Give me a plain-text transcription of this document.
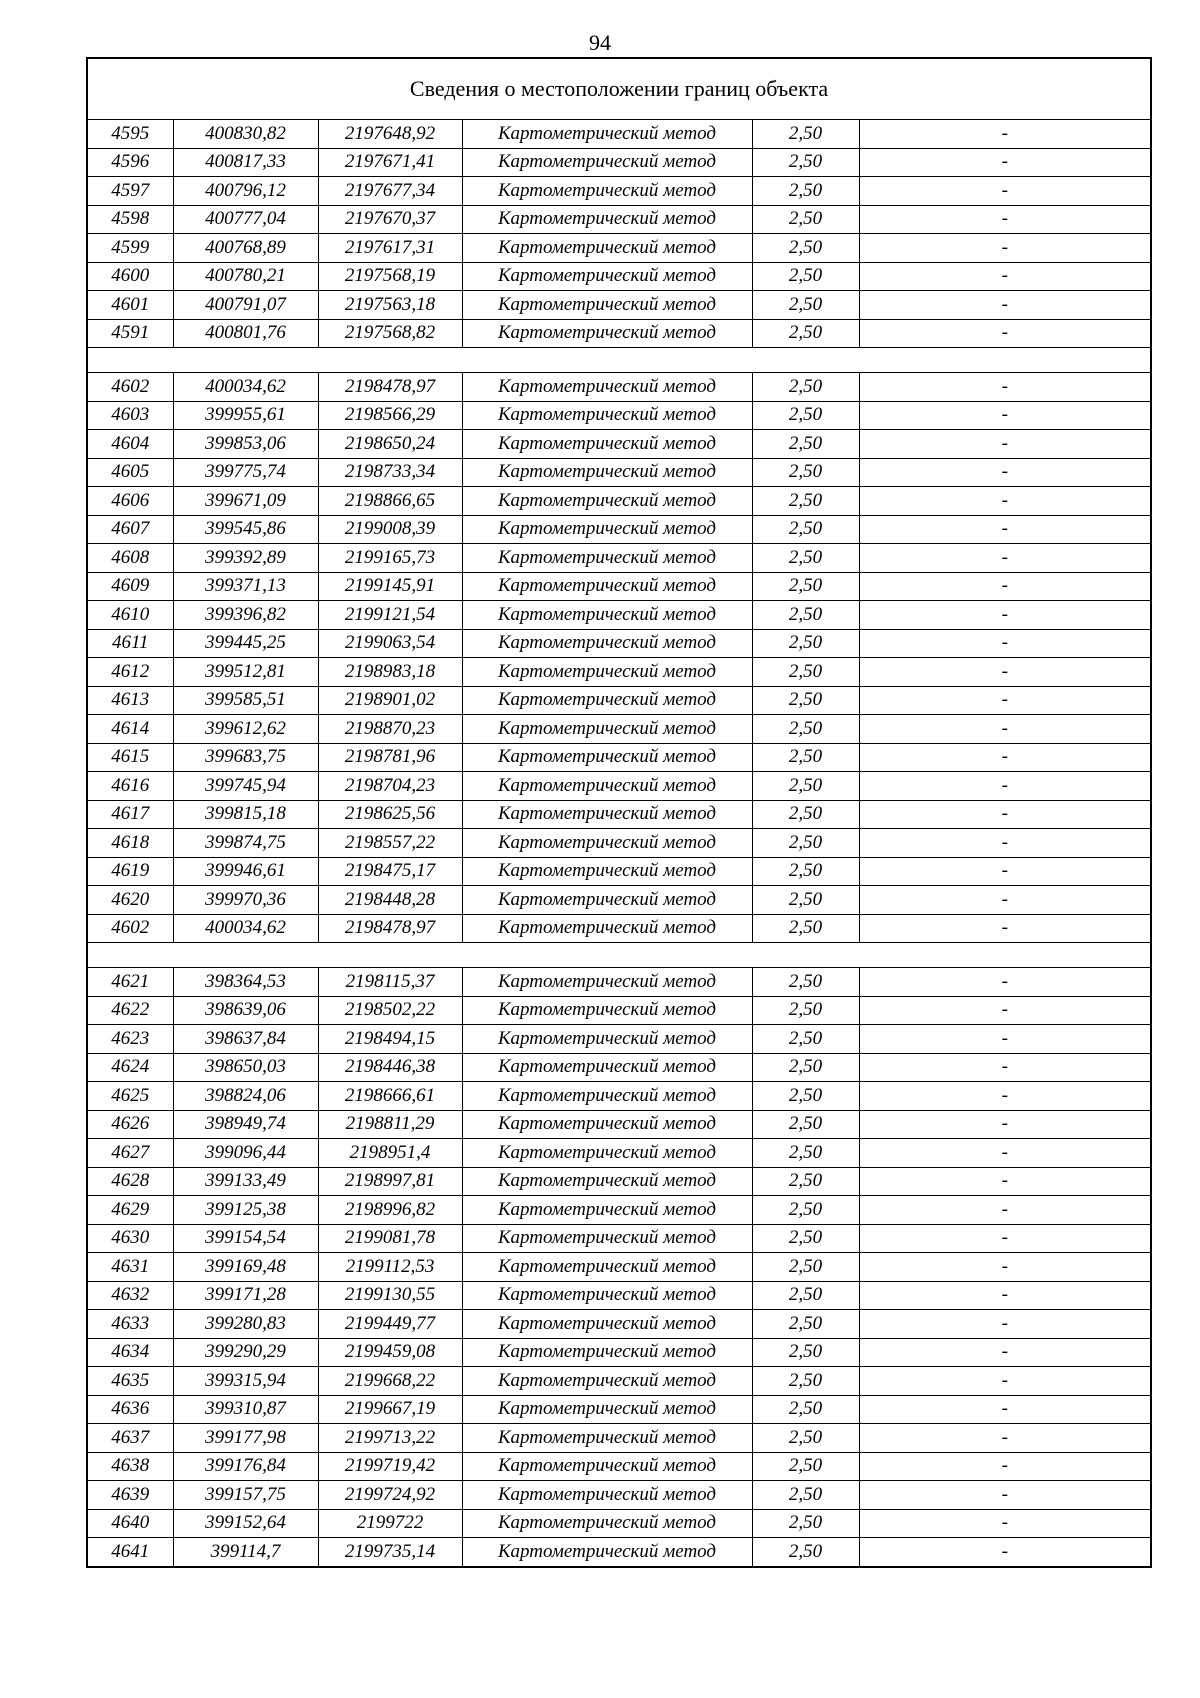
94
Сведения о местоположении границ объекта					
4595	400830,82	2197648,92	Картометрический метод	2,50	-
4596	400817,33	2197671,41	Картометрический метод	2,50	-
4597	400796,12	2197677,34	Картометрический метод	2,50	-
4598	400777,04	2197670,37	Картометрический метод	2,50	-
4599	400768,89	2197617,31	Картометрический метод	2,50	-
4600	400780,21	2197568,19	Картометрический метод	2,50	-
4601	400791,07	2197563,18	Картометрический метод	2,50	-
4591	400801,76	2197568,82	Картометрический метод	2,50	-

4602	400034,62	2198478,97	Картометрический метод	2,50	-
4603	399955,61	2198566,29	Картометрический метод	2,50	-
4604	399853,06	2198650,24	Картометрический метод	2,50	-
4605	399775,74	2198733,34	Картометрический метод	2,50	-
4606	399671,09	2198866,65	Картометрический метод	2,50	-
4607	399545,86	2199008,39	Картометрический метод	2,50	-
4608	399392,89	2199165,73	Картометрический метод	2,50	-
4609	399371,13	2199145,91	Картометрический метод	2,50	-
4610	399396,82	2199121,54	Картометрический метод	2,50	-
4611	399445,25	2199063,54	Картометрический метод	2,50	-
4612	399512,81	2198983,18	Картометрический метод	2,50	-
4613	399585,51	2198901,02	Картометрический метод	2,50	-
4614	399612,62	2198870,23	Картометрический метод	2,50	-
4615	399683,75	2198781,96	Картометрический метод	2,50	-
4616	399745,94	2198704,23	Картометрический метод	2,50	-
4617	399815,18	2198625,56	Картометрический метод	2,50	-
4618	399874,75	2198557,22	Картометрический метод	2,50	-
4619	399946,61	2198475,17	Картометрический метод	2,50	-
4620	399970,36	2198448,28	Картометрический метод	2,50	-
4602	400034,62	2198478,97	Картометрический метод	2,50	-

4621	398364,53	2198115,37	Картометрический метод	2,50	-
4622	398639,06	2198502,22	Картометрический метод	2,50	-
4623	398637,84	2198494,15	Картометрический метод	2,50	-
4624	398650,03	2198446,38	Картометрический метод	2,50	-
4625	398824,06	2198666,61	Картометрический метод	2,50	-
4626	398949,74	2198811,29	Картометрический метод	2,50	-
4627	399096,44	2198951,4	Картометрический метод	2,50	-
4628	399133,49	2198997,81	Картометрический метод	2,50	-
4629	399125,38	2198996,82	Картометрический метод	2,50	-
4630	399154,54	2199081,78	Картометрический метод	2,50	-
4631	399169,48	2199112,53	Картометрический метод	2,50	-
4632	399171,28	2199130,55	Картометрический метод	2,50	-
4633	399280,83	2199449,77	Картометрический метод	2,50	-
4634	399290,29	2199459,08	Картометрический метод	2,50	-
4635	399315,94	2199668,22	Картометрический метод	2,50	-
4636	399310,87	2199667,19	Картометрический метод	2,50	-
4637	399177,98	2199713,22	Картометрический метод	2,50	-
4638	399176,84	2199719,42	Картометрический метод	2,50	-
4639	399157,75	2199724,92	Картометрический метод	2,50	-
4640	399152,64	2199722	Картометрический метод	2,50	-
4641	399114,7	2199735,14	Картометрический метод	2,50	-
